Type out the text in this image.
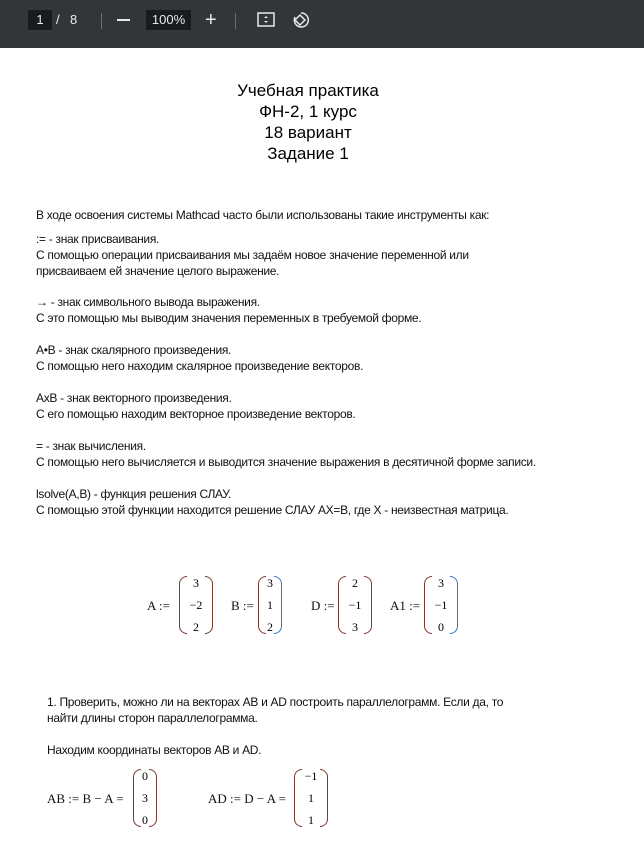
1 / 8	100% +
Учебная практика
ФН-2, 1 курс
18 вариант
Задание 1
В ходе освоения системы Mathcad часто были использованы такие инструменты как:
:= - знак присваивания.
С помощью операции присваивания мы задаём новое значение переменной или
присваиваем ей значение целого выражение.
→ - знак символьного вывода выражения.
С это помощью мы выводим значения переменных в требуемой форме.
A•B - знак скалярного произведения.
С помощью него находим скалярное произведение векторов.
AxB - знак векторного произведения.
С его помощью находим векторное произведение векторов.
= - знак вычисления.
С помощью него вычисляется и выводится значение выражения в десятичной форме записи.
lsolve(A,B) - функция решения СЛАУ.
С помощью этой функции находится решение СЛАУ AX=B, где X - неизвестная матрица.
A :=
3
−2
2
B :=
3
1
2
D :=
2
−1
3
A1 :=
3
−1
0
1. Проверить, можно ли на векторах AB и AD построить параллелограмм. Если да, то
найти длины сторон параллелограмма.
Находим координаты векторов AB и AD.
AB := B − A =
0
3
0
AD := D − A =
−1
1
1
